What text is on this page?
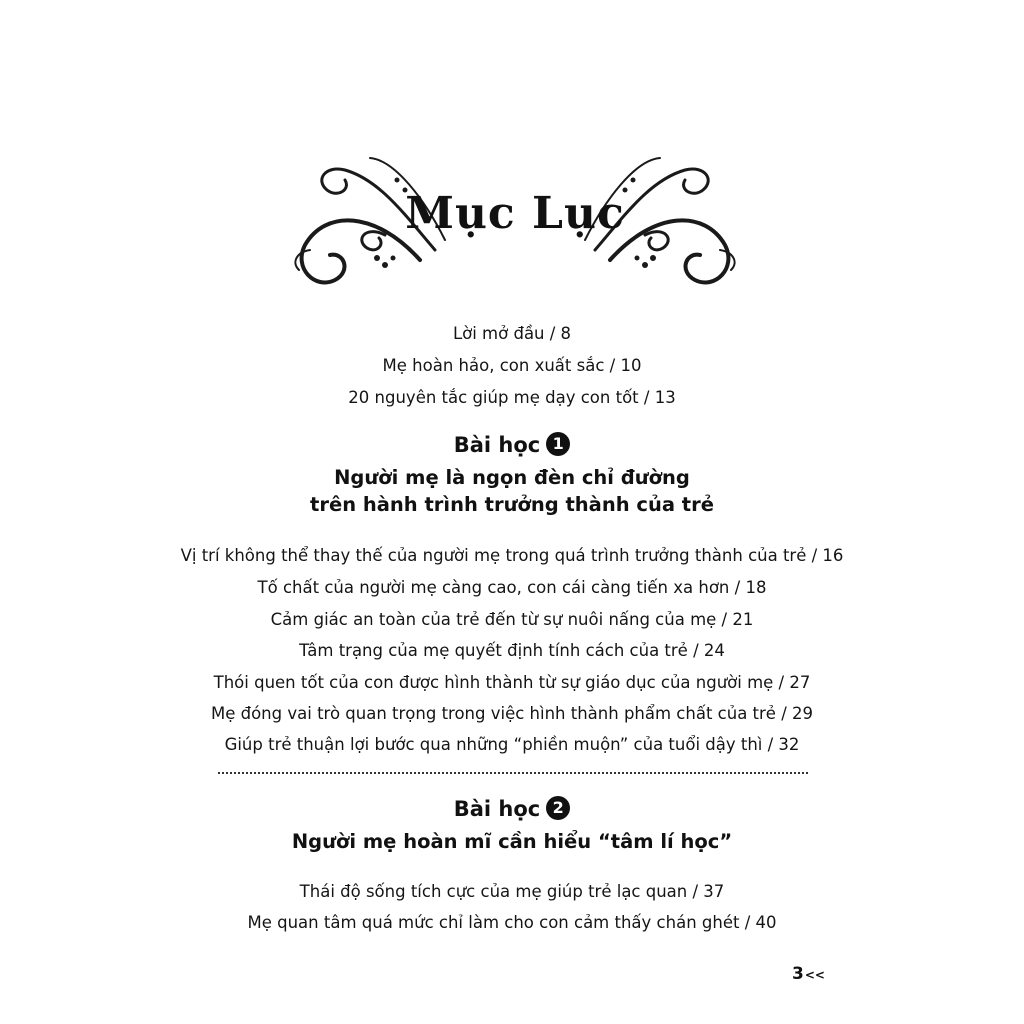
Mục Lục
Lời mở đầu / 8
Mẹ hoàn hảo, con xuất sắc / 10
20 nguyên tắc giúp mẹ dạy con tốt / 13
Bài học 1
Người mẹ là ngọn đèn chỉ đường
trên hành trình trưởng thành của trẻ
Vị trí không thể thay thế của người mẹ trong quá trình trưởng thành của trẻ / 16
Tố chất của người mẹ càng cao, con cái càng tiến xa hơn / 18
Cảm giác an toàn của trẻ đến từ sự nuôi nấng của mẹ / 21
Tâm trạng của mẹ quyết định tính cách của trẻ / 24
Thói quen tốt của con được hình thành từ sự giáo dục của người mẹ / 27
Mẹ đóng vai trò quan trọng trong việc hình thành phẩm chất của trẻ / 29
Giúp trẻ thuận lợi bước qua những “phiền muộn” của tuổi dậy thì / 32
Bài học 2
Người mẹ hoàn mĩ cần hiểu “tâm lí học”
Thái độ sống tích cực của mẹ giúp trẻ lạc quan / 37
Mẹ quan tâm quá mức chỉ làm cho con cảm thấy chán ghét / 40
3<<
